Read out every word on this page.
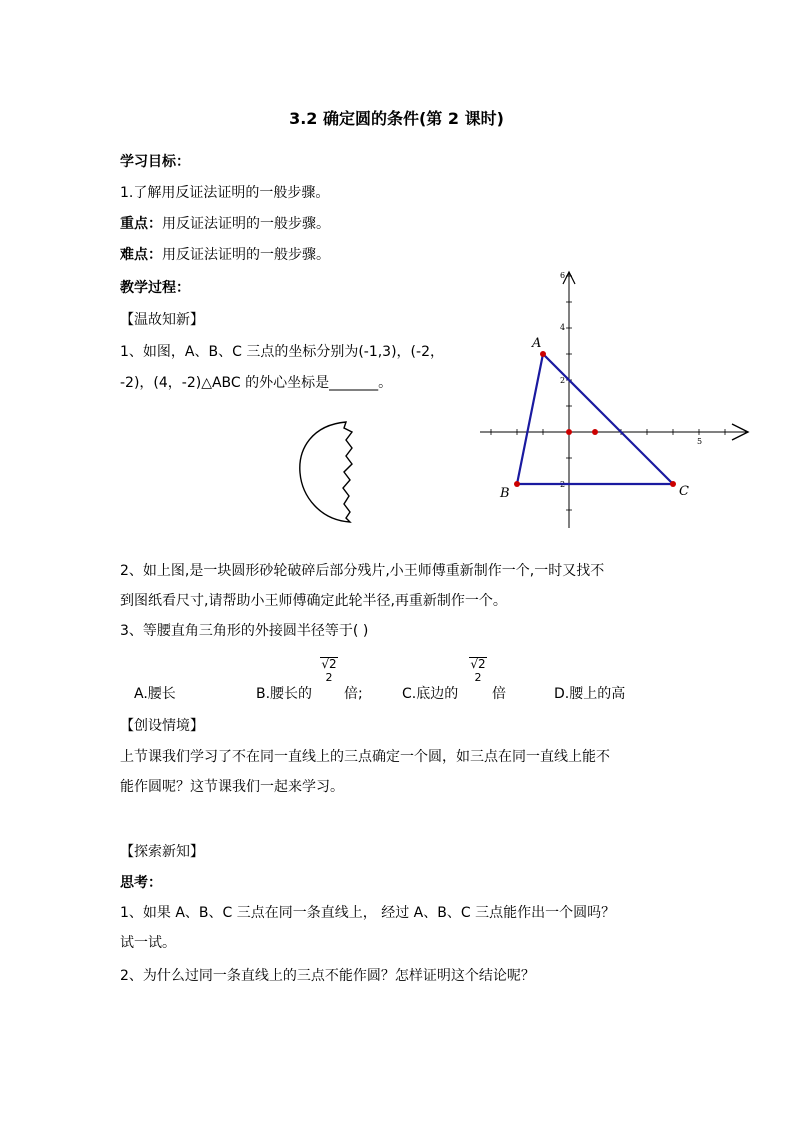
3.2 确定圆的条件(第 2 课时)
学习目标：
1.了解用反证法证明的一般步骤。
重点：用反证法证明的一般步骤。
难点：用反证法证明的一般步骤。
教学过程：
【温故知新】
1、如图，A、B、C 三点的坐标分别为(-1,3)，(-2，
-2)，(4，-2)△ABC 的外心坐标是_______。
6
4
2
2
5
A
B	C
2、如上图,是一块圆形砂轮破碎后部分残片,小王师傅重新制作一个,一时又找不
到图纸看尺寸,请帮助小王师傅确定此轮半径,再重新制作一个。
3、等腰直角三角形的外接圆半径等于( )
A.腰长	B.腰长的
√2
2
倍;	C.底边的
√2
2
倍	D.腰上的高
【创设情境】
上节课我们学习了不在同一直线上的三点确定一个圆，如三点在同一直线上能不
能作圆呢？这节课我们一起来学习。
【探索新知】
思考：
1、如果 A、B、C 三点在同一条直线上， 经过 A、B、C 三点能作出一个圆吗？
试一试。
2、为什么过同一条直线上的三点不能作圆？怎样证明这个结论呢？
